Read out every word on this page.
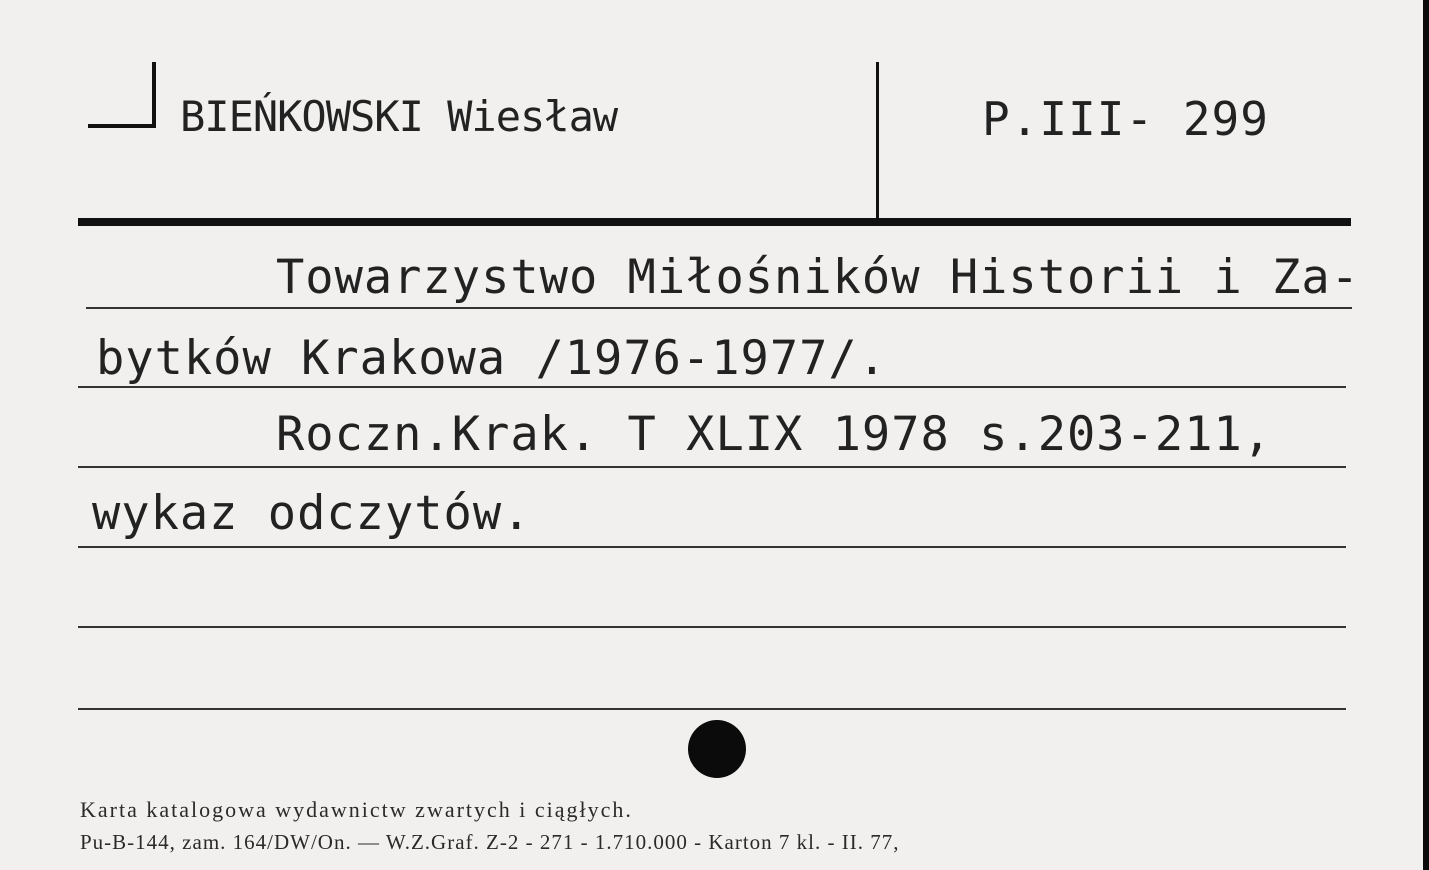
BIEŃKOWSKI Wiesław	P.III- 299
Towarzystwo Miłośników Historii i Za-
bytków Krakowa /1976-1977/.
Roczn.Krak. T XLIX 1978 s.203-211,
wykaz odczytów.
Karta katalogowa wydawnictw zwartych i ciągłych.
Pu-B-144, zam. 164/DW/On. — W.Z.Graf. Z-2 - 271 - 1.710.000 - Karton 7 kl. - II. 77,
